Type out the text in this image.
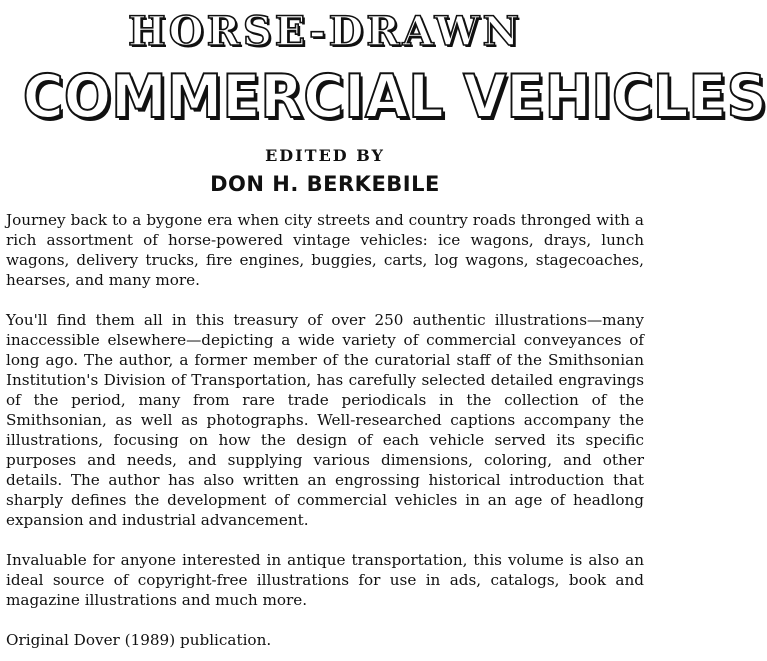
HORSE-DRAWN
COMMERCIAL VEHICLES
EDITED BY
DON H. BERKEBILE

Journey back to a bygone era when city streets and country roads thronged with a rich assortment of horse-powered vintage vehicles: ice wagons, drays, lunch wagons, delivery trucks, fire engines, buggies, carts, log wagons, stagecoaches, hearses, and many more.

You'll find them all in this treasury of over 250 authentic illustrations—many inaccessible elsewhere—depicting a wide variety of commercial conveyances of long ago. The author, a former member of the curatorial staff of the Smithsonian Institution's Division of Transportation, has carefully selected detailed engravings of the period, many from rare trade periodicals in the collection of the Smithsonian, as well as photographs. Well-researched captions accompany the illustrations, focusing on how the design of each vehicle served its specific purposes and needs, and supplying various dimensions, coloring, and other details. The author has also written an engrossing historical introduction that sharply defines the development of commercial vehicles in an age of headlong expansion and industrial advancement.

Invaluable for anyone interested in antique transportation, this volume is also an ideal source of copyright-free illustrations for use in ads, catalogs, book and magazine illustrations and much more.

Original Dover (1989) publication.
